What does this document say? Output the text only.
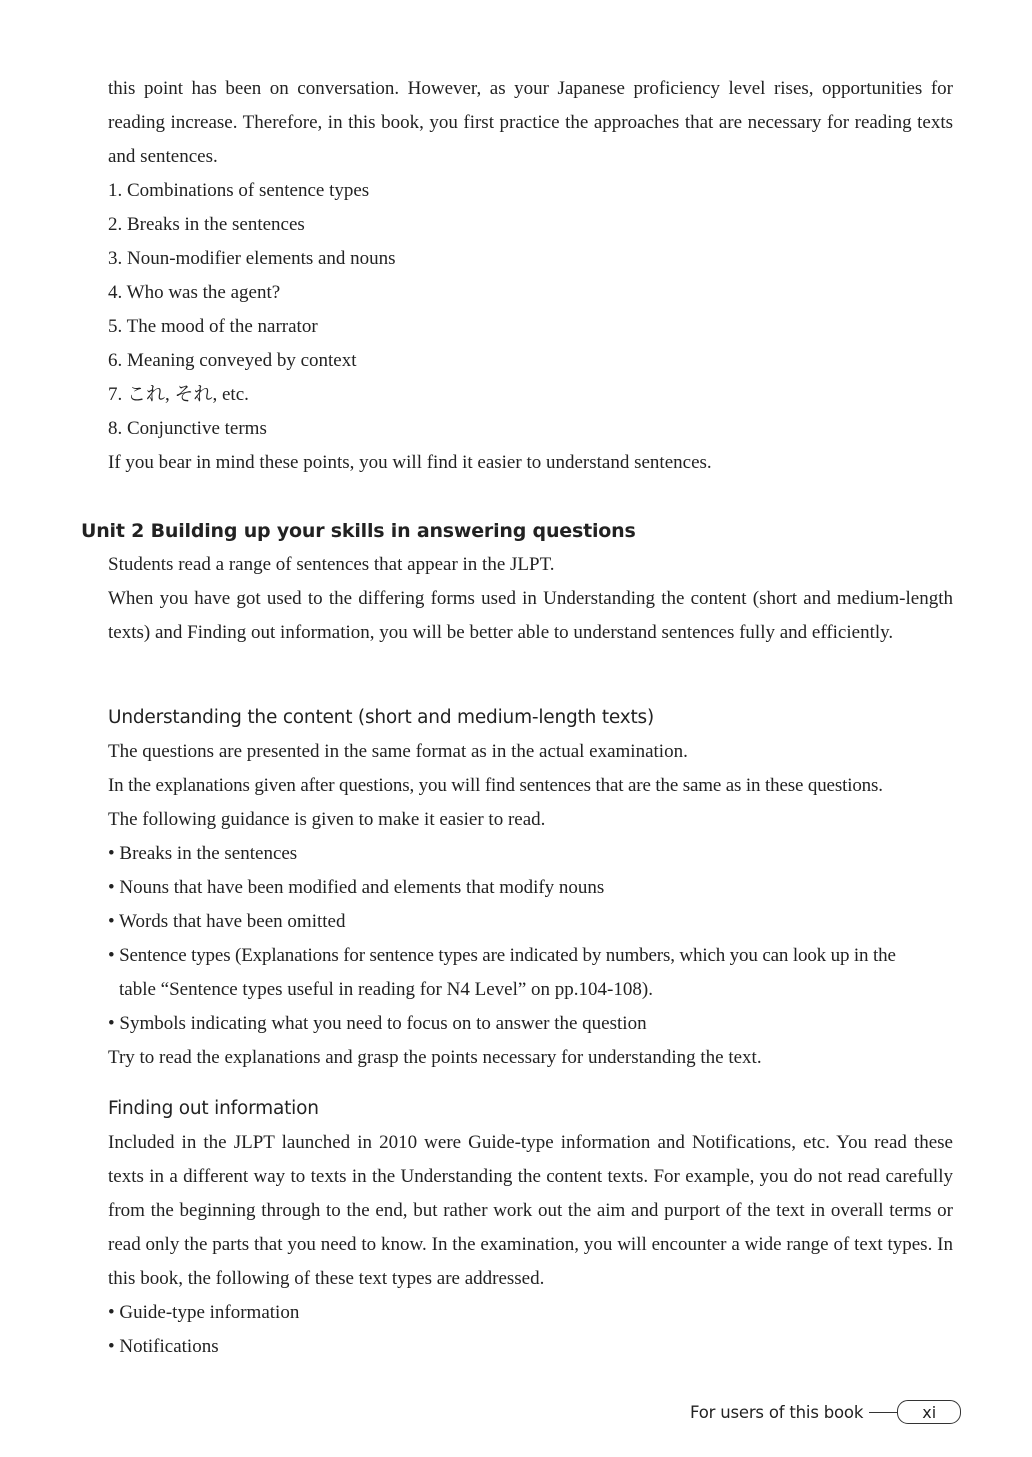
this point has been on conversation. However, as your Japanese proficiency level rises, opportunities for reading increase. Therefore, in this book, you first practice the approaches that are necessary for reading texts and sentences.

1. Combinations of sentence types
2. Breaks in the sentences
3. Noun-modifier elements and nouns
4. Who was the agent?
5. The mood of the narrator
6. Meaning conveyed by context
7. これ, それ, etc.
8. Conjunctive terms
If you bear in mind these points, you will find it easier to understand sentences.
Unit 2 Building up your skills in answering questions
Students read a range of sentences that appear in the JLPT.

When you have got used to the differing forms used in Understanding the content (short and medium-length texts) and Finding out information, you will be better able to understand sentences fully and efficiently.

Understanding the content (short and medium-length texts)

The questions are presented in the same format as in the actual examination.
In the explanations given after questions, you will find sentences that are the same as in these questions.
The following guidance is given to make it easier to read.
• Breaks in the sentences
• Nouns that have been modified and elements that modify nouns
• Words that have been omitted
• Sentence types (Explanations for sentence types are indicated by numbers, which you can look up in the
table “Sentence types useful in reading for N4 Level” on pp.104-108).
• Symbols indicating what you need to focus on to answer the question
Try to read the explanations and grasp the points necessary for understanding the text.

Finding out information

Included in the JLPT launched in 2010 were Guide-type information and Notifications, etc. You read these texts in a different way to texts in the Understanding the content texts. For example, you do not read carefully from the beginning through to the end, but rather work out the aim and purport of the text in overall terms or read only the parts that you need to know. In the examination, you will encounter a wide range of text types. In this book, the following of these text types are addressed.

• Guide-type information
• Notifications
For users of this book	xi
